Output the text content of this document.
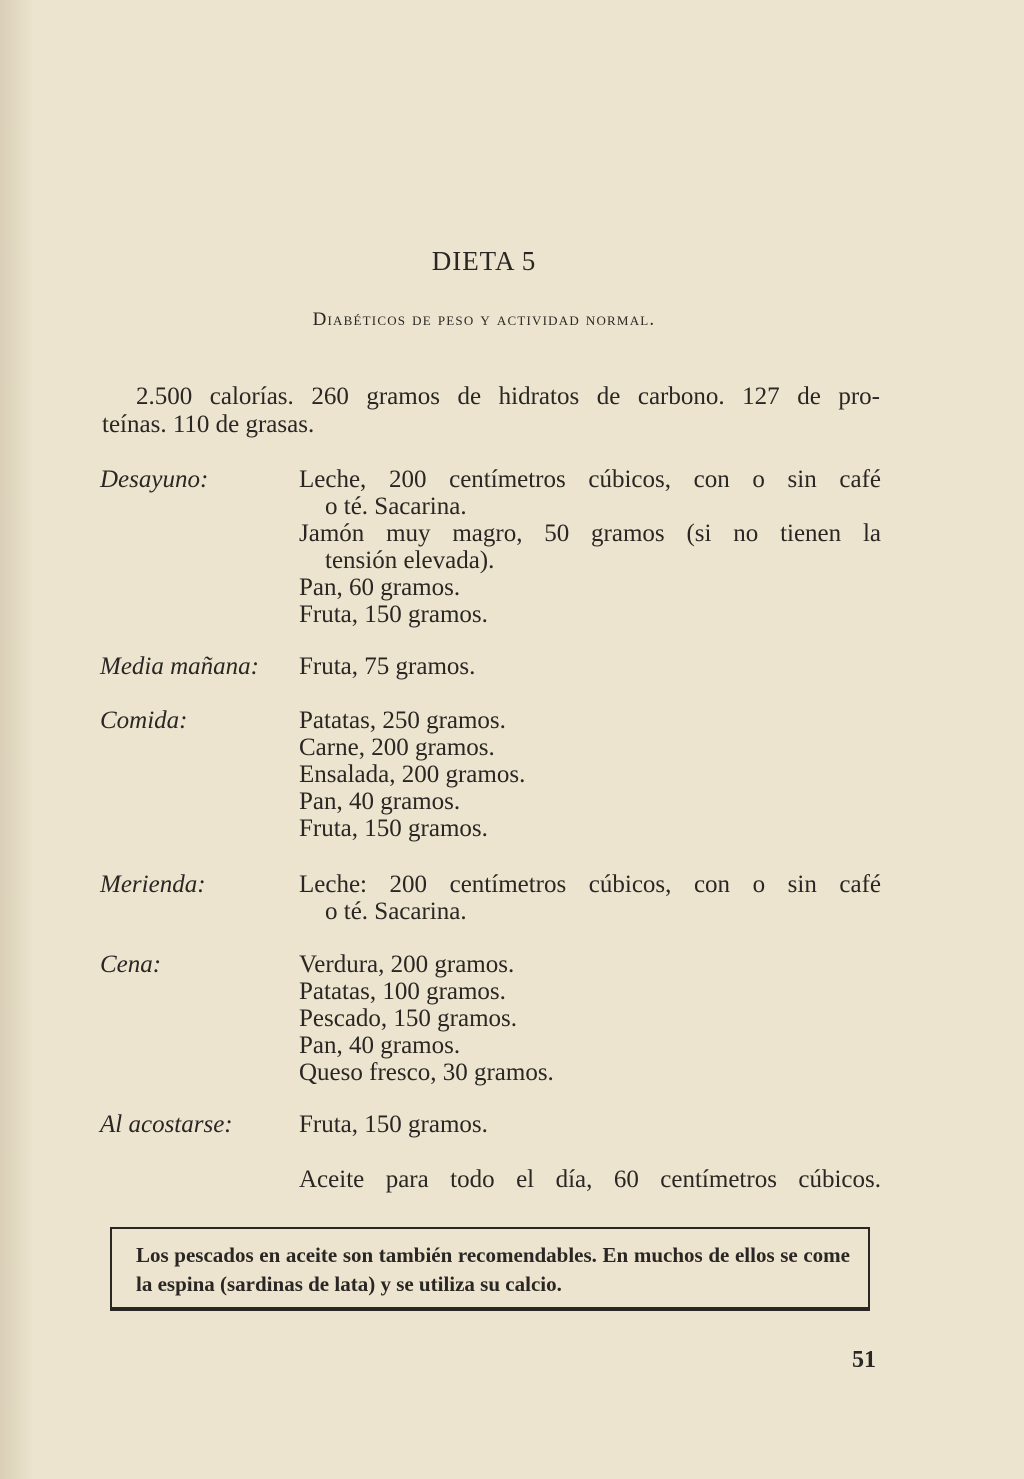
DIETA 5
Diabéticos de peso y actividad normal.
2.500 calorías. 260 gramos de hidratos de carbono. 127 de pro-
teínas. 110 de grasas.
Desayuno:	Leche, 200 centímetros cúbicos, con o sin café
o té. Sacarina.
Jamón muy magro, 50 gramos (si no tienen la
tensión elevada).
Pan, 60 gramos.
Fruta, 150 gramos.
Media mañana: Fruta, 75 gramos.
Comida:	Patatas, 250 gramos.
Carne, 200 gramos.
Ensalada, 200 gramos.
Pan, 40 gramos.
Fruta, 150 gramos.
Merienda:	Leche: 200 centímetros cúbicos, con o sin café
o té. Sacarina.
Cena:	Verdura, 200 gramos.
Patatas, 100 gramos.
Pescado, 150 gramos.
Pan, 40 gramos.
Queso fresco, 30 gramos.
Al acostarse:	Fruta, 150 gramos.
Aceite para todo el día, 60 centímetros cúbicos.
Los pescados en aceite son también recomendables. En muchos de ellos se come la espina (sardinas de lata) y se utiliza su calcio.
51
